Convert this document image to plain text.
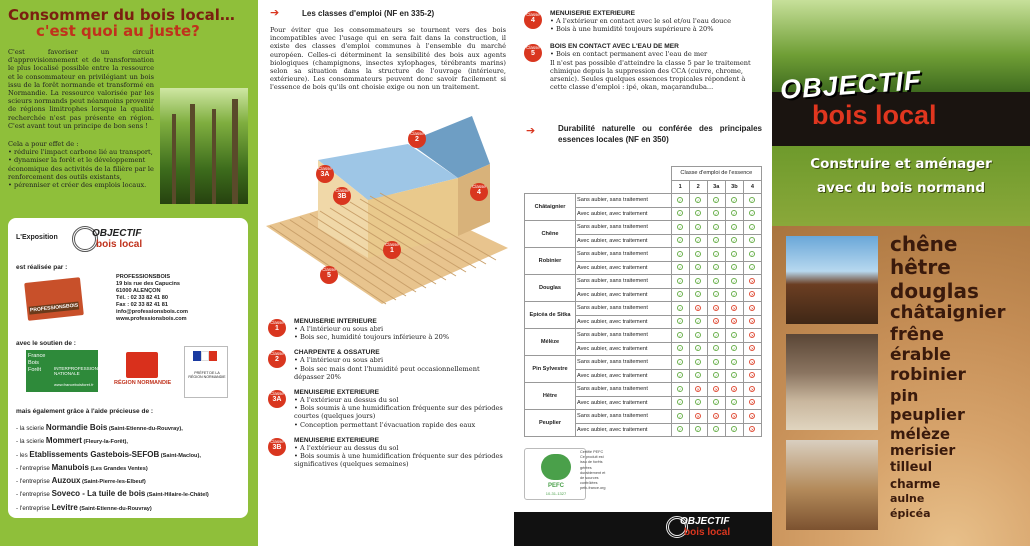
Consommer du bois local…
c'est quoi au juste?
C'est favoriser un circuit d'approvisionnement et de transformation le plus localisé possible entre la ressource et le consommateur en privilégiant un bois issu de la forêt normande et transformé en Normandie. La ressource valorisée par les scieurs normands peut néanmoins provenir de régions limitrophes lorsque la qualité recherchée n'est pas présente en région. C'est avant tout un principe de bon sens !
Cela a pour effet de :
• réduire l'impact carbone lié au transport,
• dynamiser la forêt et le développement économique des activités de la filière par le renforcement des outils existants,
• pérenniser et créer des emplois locaux.
L'Exposition	OBJECTIF
bois local
est réalisée par :
PROFESSIONSBOIS
PROFESSIONSBOIS
19 bis rue des Capucins
61000 ALENÇON
Tél. : 02 33 82 41 80
Fax : 02 33 82 41 81
info@professionsbois.com
www.professionsbois.com
avec le soutien de :
France Bois Forêt	INTERPROFESSION NATIONALE
www.franceboisforet.fr	RÉGION NORMANDIE
PRÉFET DE LA RÉGION NORMANDIE
mais également grâce à l'aide précieuse de :
- la scierie Normandie Bois (Saint-Etienne-du-Rouvray),
- la scierie Mommert (Fleury-la-Forêt),
- les Etablissements Gastebois-SEFOB (Saint-Maclou),
- l'entreprise Manubois (Les Grandes Ventes)
- l'entreprise Auzoux (Saint-Pierre-les-Elbeuf)
- l'entreprise Soveco - La tuile de bois (Saint-Hilaire-le-Châtel)
- l'entreprise Levitre (Saint-Etienne-du-Rouvray)
➔	Les classes d'emploi (NF en 335-2)
Pour éviter que les consommateurs se tournent vers des bois incompatibles avec l'usage qui en sera fait dans la construction, il existe des classes d'emploi communes à l'ensemble du marché européen. Celles-ci déterminent la sensibilité des bois aux agents biologiques (champignons, insectes xylophages, térébrants marins) selon sa situation dans la structure de l'ouvrage (intérieure, extérieure). Les consommateurs peuvent donc savoir facilement si l'essence de bois qu'ils ont choisie exige ou non un traitement.
Classe
1
Classe
2
Classe
3A
Classe
3B
Classe
4
Classe
5
Classe
1
MENUISERIE INTERIEURE
• A l'intérieur ou sous abri
• Bois sec, humidité toujours inférieure à 20%
Classe
2
CHARPENTE & OSSATURE
• A l'intérieur ou sous abri
• Bois sec mais dont l'humidité peut occasionnellement dépasser 20%
Classe
3A
MENUISERIE EXTERIEURE
• A l'extérieur au dessus du sol
• Bois soumis à une humidification fréquente sur des périodes courtes (quelques jours)
• Conception permettant l'évacuation rapide des eaux
Classe
3B
MENUISERIE EXTERIEURE
• A l'extérieur au dessus du sol
• Bois soumis à une humidification fréquente sur des périodes significatives (quelques semaines)
Classe
4
MENUISERIE EXTERIEURE
• A l'extérieur en contact avec le sol et/ou l'eau douce
• Bois à une humidité toujours supérieure à 20%
Classe
5
BOIS EN CONTACT AVEC L'EAU DE MER
• Bois en contact permanent avec l'eau de mer
Il n'est pas possible d'atteindre la classe 5 par le traitement chimique depuis la suppression des CCA (cuivre, chrome, arsenic). Seules quelques essences tropicales répondent à cette classe d'emploi : ipé, okan, maçaranduba...
➔	Durabilité naturelle ou conférée des principales essences locales (NF en 350)
		Classe d'emploi de l'essence				
		1	2	3a	3b	4
Châtaignier	Sans aubier, sans traitement	✓	✓	✓	✓	✓
	Avec aubier, avec traitement	✓	✓	✓	✓	✓
Chêne	Sans aubier, sans traitement	✓	✓	✓	✓	✓
	Avec aubier, avec traitement	✓	✓	✓	✓	✓
Robinier	Sans aubier, sans traitement	✓	✓	✓	✓	✓
	Avec aubier, avec traitement	✓	✓	✓	✓	✓
Douglas	Sans aubier, sans traitement	✓	✓	✓	✓	✕
	Avec aubier, avec traitement	✓	✓	✓	✓	✕
Epicéa de Sitka	Sans aubier, sans traitement	✓	✕	✕	✕	✕
	Avec aubier, avec traitement	✓	✓	✕	✕	✕
Mélèze	Sans aubier, sans traitement	✓	✓	✓	✓	✕
	Avec aubier, avec traitement	✓	✓	✓	✓	✕
Pin Sylvestre	Sans aubier, sans traitement	✓	✓	✓	✓	✕
	Avec aubier, avec traitement	✓	✓	✓	✓	✕
Hêtre	Sans aubier, sans traitement	✓	✕	✕	✕	✕
	Avec aubier, avec traitement	✓	✓	✓	✓	✕
Peuplier	Sans aubier, sans traitement	✓	✕	✕	✕	✕
	Avec aubier, avec traitement	✓	✓	✓	✓	✕
PEFC
10-31-1327
Certifié PEFC
Ce produit est issu de forêts gérées durablement et de sources contrôlées
pefc-france.org
OBJECTIF
bois local
OBJECTIF
bois local
Construire et aménager
avec du bois normand
chêne
hêtre
douglas
châtaignier
frêne
érable
robinier
pin
peuplier
mélèze
merisier
tilleul
charme
aulne
épicéa
